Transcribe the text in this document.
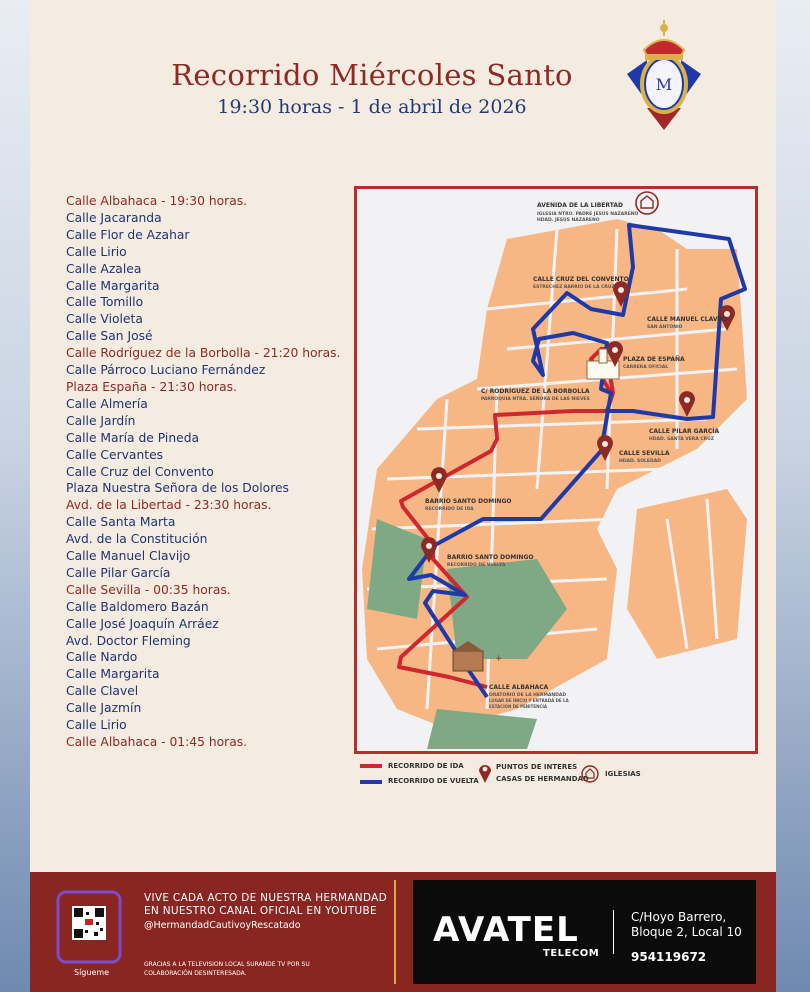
Recorrido Miércoles Santo
19:30 horas - 1 de abril de 2026
M
Calle Albahaca - 19:30 horas.
Calle Jacaranda
Calle Flor de Azahar
Calle Lirio
Calle Azalea
Calle Margarita
Calle Tomillo
Calle Violeta
Calle San José
Calle Rodríguez de la Borbolla - 21:20 horas.
Calle Párroco Luciano Fernández
Plaza España - 21:30 horas.
Calle Almería
Calle Jardín
Calle María de Pineda
Calle Cervantes
Calle Cruz del Convento
Plaza Nuestra Señora de los Dolores
Avd. de la Libertad - 23:30 horas.
Calle Santa Marta
Avd. de la Constitución
Calle Manuel Clavijo
Calle Pilar García
Calle Sevilla - 00:35 horas.
Calle Baldomero Bazán
Calle José Joaquín Arráez
Avd. Doctor Fleming
Calle Nardo
Calle Margarita
Calle Clavel
Calle Jazmín
Calle Lirio
Calle Albahaca - 01:45 horas.
+
AVENIDA DE LA LIBERTAD
IGLESIA NTRO. PADRE JESÚS NAZARENO
HDAD. JESÚS NAZARENO
CALLE CRUZ DEL CONVENTO
ESTRECHEZ BARRIO DE LA CRUZ
CALLE MANUEL CLAVIJO
SAN ANTONIO
PLAZA DE ESPAÑA
CARRERA OFICIAL
C/ RODRÍGUEZ DE LA BORBOLLA
PARROQUIA NTRA. SEÑORA DE LAS NIEVES
CALLE PILAR GARCÍA
HDAD. SANTA VERA CRUZ
CALLE SEVILLA
HDAD. SOLEDAD
BARRIO SANTO DOMINGO
RECORRIDO DE IDA
BARRIO SANTO DOMINGO
RECORRIDO DE VUELTA
CALLE ALBAHACA
ORATORIO DE LA HERMANDAD
LUGAR DE INICIO Y ENTRADA DE LA
ESTACIÓN DE PENITENCIA
RECORRIDO DE IDA
RECORRIDO DE VUELTA
PUNTOS DE INTERES
CASAS DE HERMANDAD
IGLESIAS
Sígueme
VIVE CADA ACTO DE NUESTRA HERMANDAD
EN NUESTRO CANAL OFICIAL EN YOUTUBE
@HermandadCautivoyRescatado
GRACIAS A LA TELEVISION LOCAL SURANDE TV POR SU
COLABORACIÓN DESINTERESADA.
AVATEL
TELECOM
C/Hoyo Barrero,
Bloque 2, Local 10
954119672
